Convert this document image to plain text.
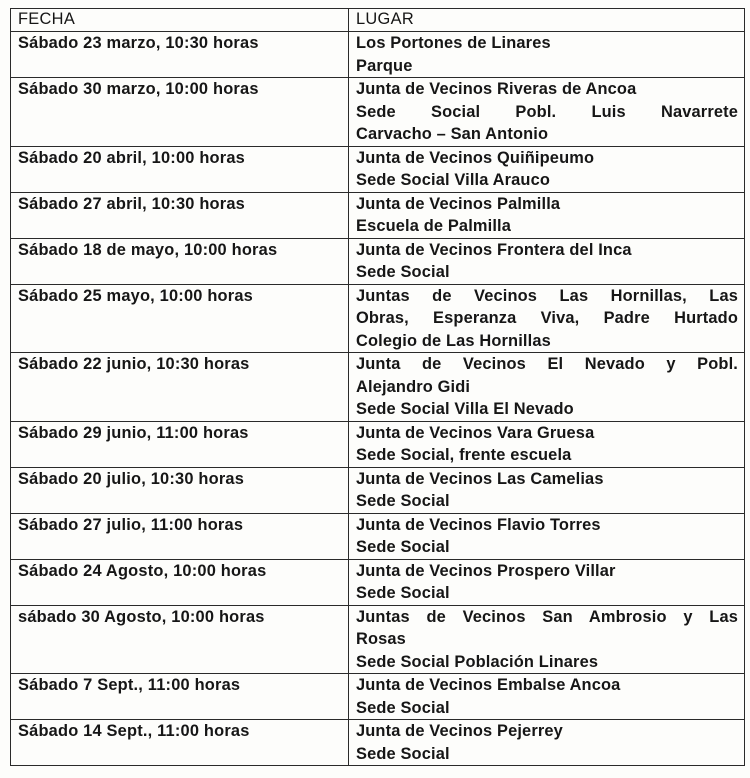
FECHA	LUGAR
Sábado 23 marzo, 10:30 horas	Los Portones de Linares
Parque

Sábado 30 marzo, 10:00 horas	Junta de Vecinos Riveras de Ancoa
Sede Social Pobl. Luis Navarrete
Carvacho – San Antonio

Sábado 20 abril, 10:00 horas	Junta de Vecinos Quiñipeumo
Sede Social Villa Arauco

Sábado 27 abril, 10:30 horas	Junta de Vecinos Palmilla
Escuela de Palmilla

Sábado 18 de mayo, 10:00 horas	Junta de Vecinos Frontera del Inca
Sede Social

Sábado 25 mayo, 10:00 horas	Juntas de Vecinos Las Hornillas, Las
Obras, Esperanza Viva, Padre Hurtado
Colegio de Las Hornillas

Sábado 22 junio, 10:30 horas	Junta de Vecinos El Nevado y Pobl.
Alejandro Gidi
Sede Social Villa El Nevado

Sábado 29 junio, 11:00 horas	Junta de Vecinos Vara Gruesa
Sede Social, frente escuela

Sábado 20 julio, 10:30 horas	Junta de Vecinos Las Camelias
Sede Social

Sábado 27 julio, 11:00 horas	Junta de Vecinos Flavio Torres
Sede Social

Sábado 24 Agosto, 10:00 horas	Junta de Vecinos Prospero Villar
Sede Social

sábado 30 Agosto, 10:00 horas	Juntas de Vecinos San Ambrosio y Las
Rosas
Sede Social Población Linares

Sábado 7 Sept., 11:00 horas	Junta de Vecinos Embalse Ancoa
Sede Social

Sábado 14 Sept., 11:00 horas	Junta de Vecinos Pejerrey
Sede Social
